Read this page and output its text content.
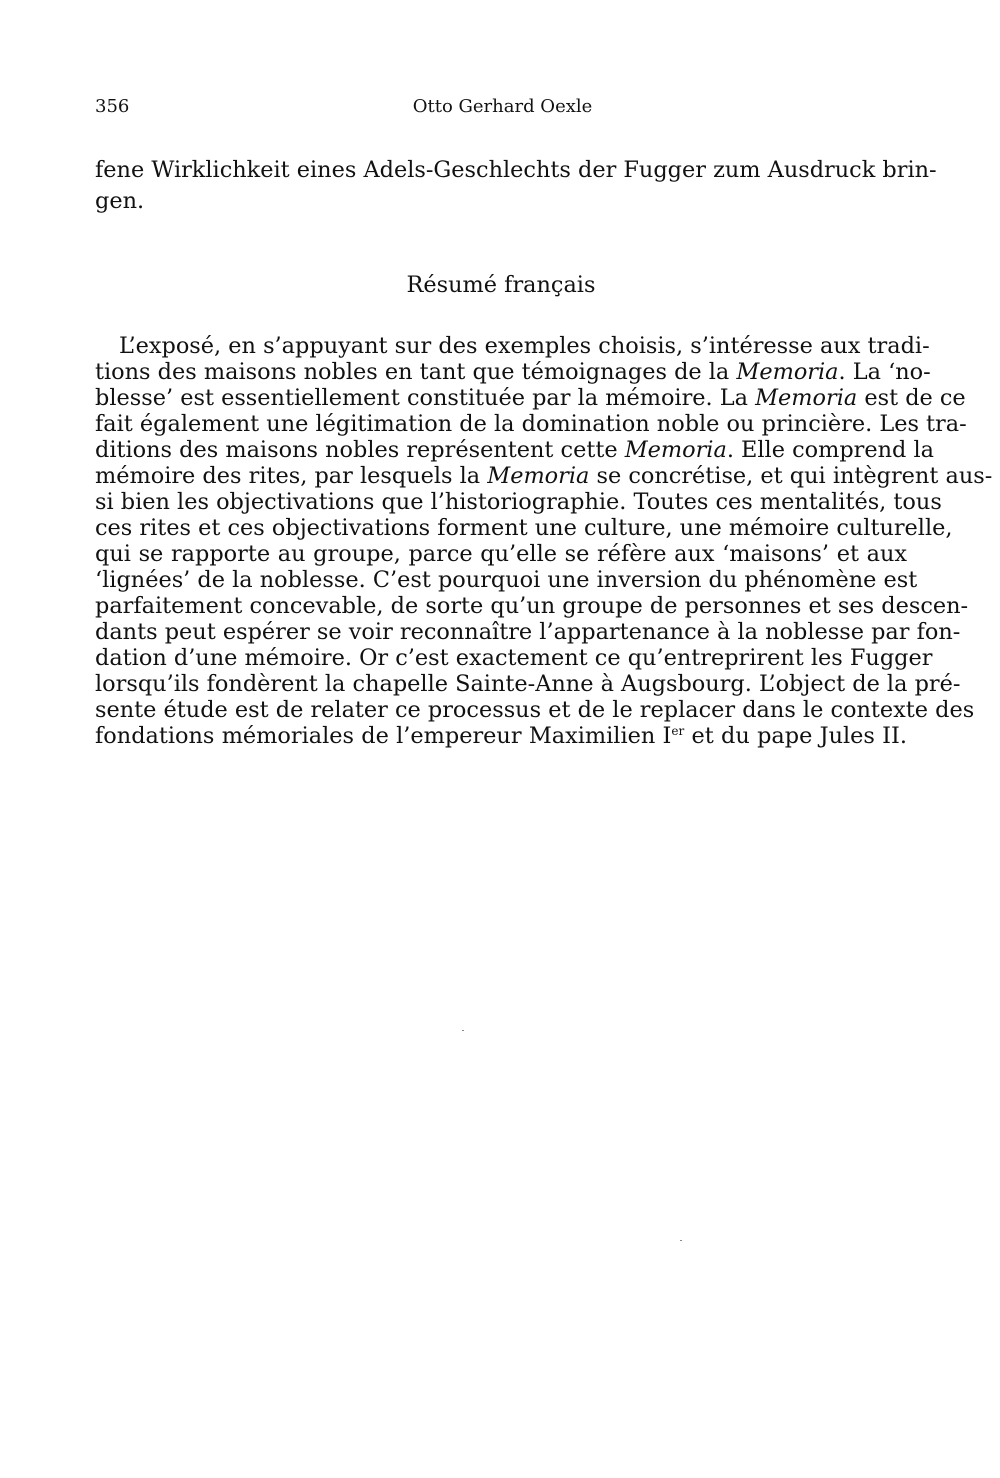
356	Otto Gerhard Oexle
fene Wirklichkeit eines Adels-Geschlechts der Fugger zum Ausdruck brin-
gen.
Résumé français
L’exposé, en s’appuyant sur des exemples choisis, s’intéresse aux tradi-
tions des maisons nobles en tant que témoignages de la Memoria. La ‘no-
blesse’ est essentiellement constituée par la mémoire. La Memoria est de ce
fait également une légitimation de la domination noble ou princière. Les tra-
ditions des maisons nobles représentent cette Memoria. Elle comprend la
mémoire des rites, par lesquels la Memoria se concrétise, et qui intègrent aus-
si bien les objectivations que l’historiographie. Toutes ces mentalités, tous
ces rites et ces objectivations forment une culture, une mémoire culturelle,
qui se rapporte au groupe, parce qu’elle se réfère aux ‘maisons’ et aux
‘lignées’ de la noblesse. C’est pourquoi une inversion du phénomène est
parfaitement concevable, de sorte qu’un groupe de personnes et ses descen-
dants peut espérer se voir reconnaître l’appartenance à la noblesse par fon-
dation d’une mémoire. Or c’est exactement ce qu’entreprirent les Fugger
lorsqu’ils fondèrent la chapelle Sainte-Anne à Augsbourg. L’object de la pré-
sente étude est de relater ce processus et de le replacer dans le contexte des
fondations mémoriales de l’empereur Maximilien Ier et du pape Jules II.
